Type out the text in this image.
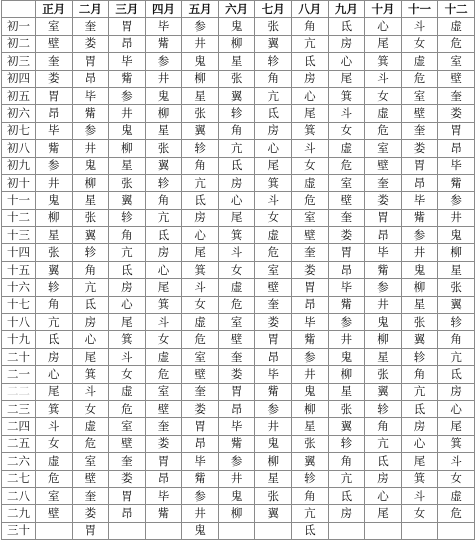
	正月	二月	三月	四月	五月	六月	七月	八月	九月	十月	十一	十二
初一	室	奎	胃	毕	参	鬼	张	角	氐	心	斗	虚
初二	壁	娄	昂	觜	井	柳	翼	亢	房	尾	女	危
初三	奎	胃	毕	参	鬼	星	轸	氐	心	箕	虚	室
初四	娄	昂	觜	井	柳	张	角	房	尾	斗	危	壁
初五	胃	毕	参	鬼	星	翼	亢	心	箕	女	室	奎
初六	昂	觜	井	柳	张	轸	氐	尾	斗	虚	壁	娄
初七	毕	参	鬼	星	翼	角	房	箕	女	危	奎	胃
初八	觜	井	柳	张	轸	亢	心	斗	虚	室	娄	昂
初九	参	鬼	星	翼	角	氐	尾	女	危	壁	胃	毕
初十	井	柳	张	轸	亢	房	箕	虚	室	奎	昂	觜
十一	鬼	星	翼	角	氐	心	斗	危	壁	娄	毕	参
十二	柳	张	轸	亢	房	尾	女	室	奎	胃	觜	井
十三	星	翼	角	氐	心	箕	虚	壁	娄	昂	参	鬼
十四	张	轸	亢	房	尾	斗	危	奎	胃	毕	井	柳
十五	翼	角	氐	心	箕	女	室	娄	昂	觜	鬼	星
十六	轸	亢	房	尾	斗	虚	壁	胃	毕	参	柳	张
十七	角	氐	心	箕	女	危	奎	昂	觜	井	星	翼
十八	亢	房	尾	斗	虚	室	娄	毕	参	鬼	张	轸
十九	氐	心	箕	女	危	壁	胃	觜	井	柳	翼	角
二十	房	尾	斗	虚	室	奎	昂	参	鬼	星	轸	亢
二一	心	箕	女	危	壁	娄	毕	井	柳	张	角	氐
二二	尾	斗	虚	室	奎	胃	觜	鬼	星	翼	亢	房
二三	箕	女	危	壁	娄	昂	参	柳	张	轸	氐	心
二四	斗	虚	室	奎	胃	毕	井	星	翼	角	房	尾
二五	女	危	壁	娄	昂	觜	鬼	张	轸	亢	心	箕
二六	虚	室	奎	胃	毕	参	柳	翼	角	氐	尾	斗
二七	危	壁	娄	昂	觜	井	星	轸	亢	房	箕	女
二八	室	奎	胃	毕	参	鬼	张	角	氐	心	斗	虚
二九	壁	娄	昂	觜	井	柳	翼	亢	房	尾	女	危
三十		胃			鬼			氐				
